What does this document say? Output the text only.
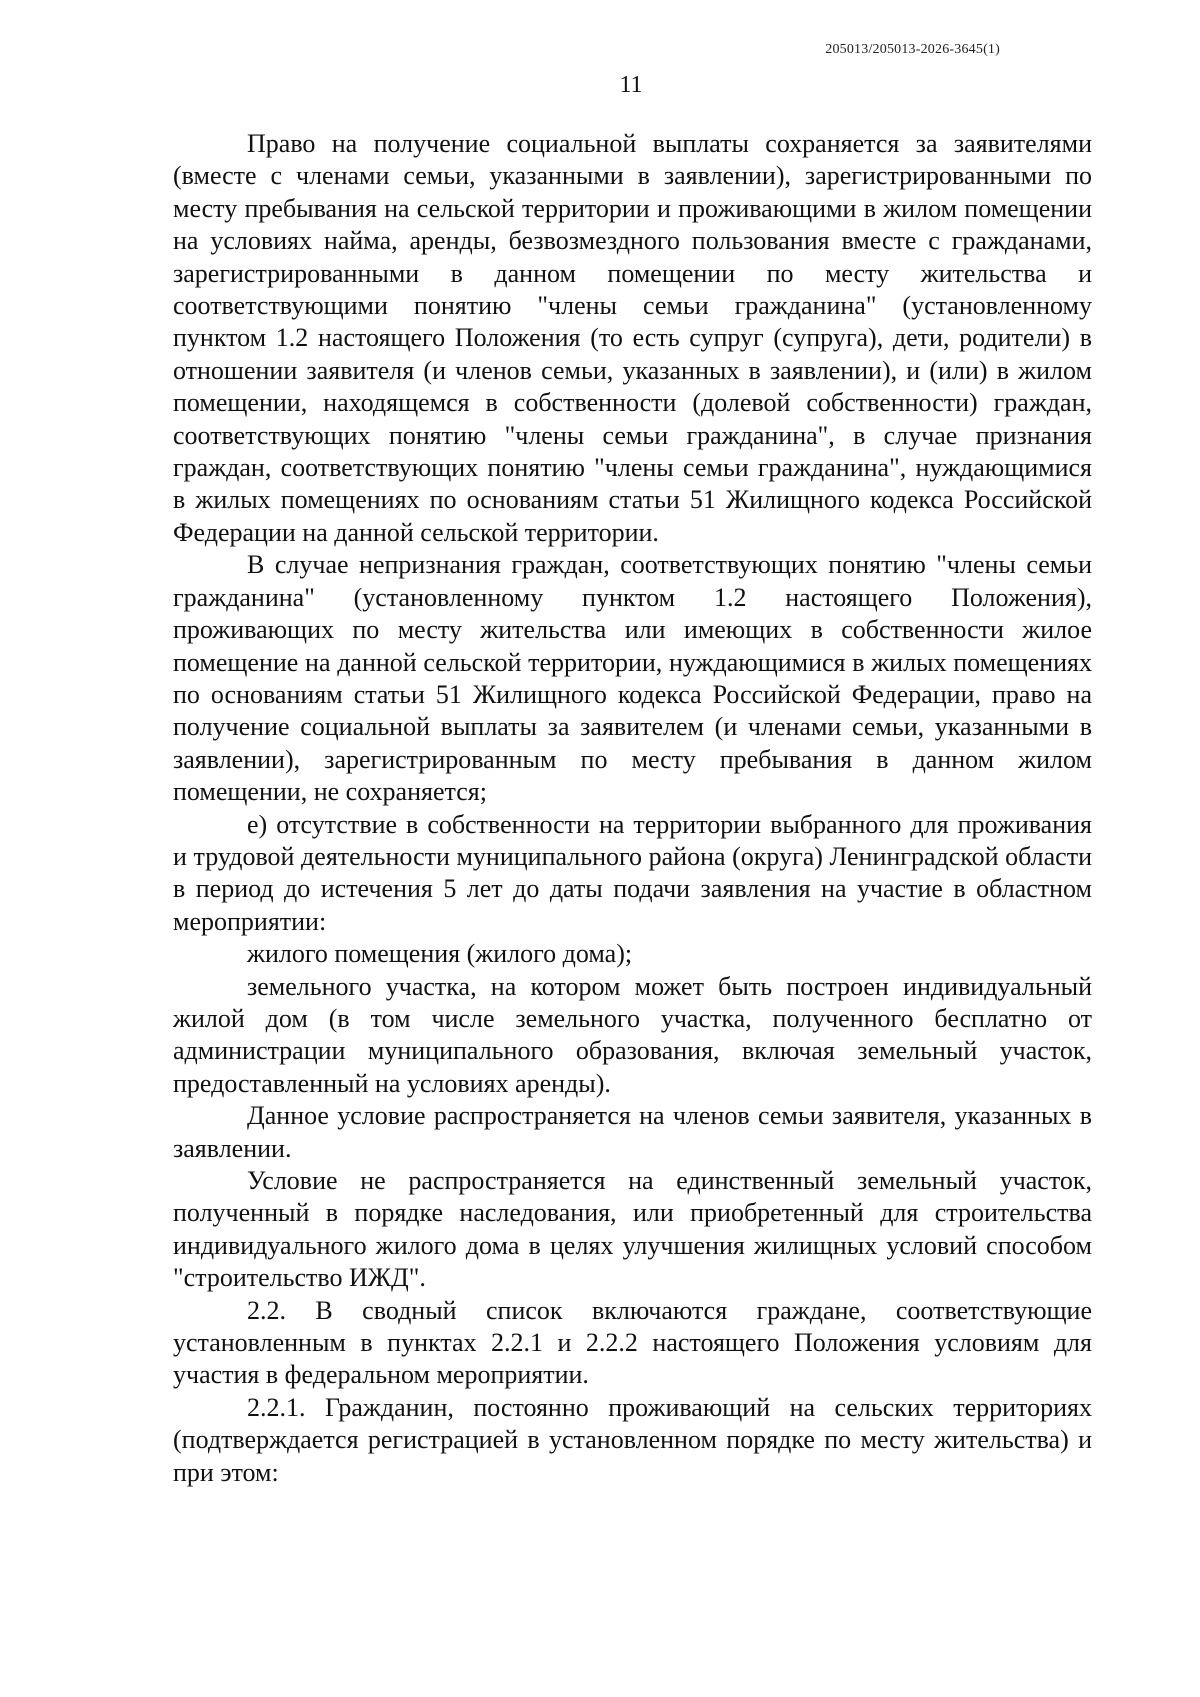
205013/205013-2026-3645(1)
11

Право на получение социальной выплаты сохраняется за заявителями (вместе с членами семьи, указанными в заявлении), зарегистрированными по месту пребывания на сельской территории и проживающими в жилом помещении на условиях найма, аренды, безвозмездного пользования вместе с гражданами, зарегистрированными в данном помещении по месту жительства и соответствующими понятию "члены семьи гражданина" (установленному пунктом 1.2 настоящего Положения (то есть супруг (супруга), дети, родители) в отношении заявителя (и членов семьи, указанных в заявлении), и (или) в жилом помещении, находящемся в собственности (долевой собственности) граждан, соответствующих понятию "члены семьи гражданина", в случае признания граждан, соответствующих понятию "члены семьи гражданина", нуждающимися в жилых помещениях по основаниям статьи 51 Жилищного кодекса Российской Федерации на данной сельской территории.

В случае непризнания граждан, соответствующих понятию "члены семьи гражданина" (установленному пунктом 1.2 настоящего Положения), проживающих по месту жительства или имеющих в собственности жилое помещение на данной сельской территории, нуждающимися в жилых помещениях по основаниям статьи 51 Жилищного кодекса Российской Федерации, право на получение социальной выплаты за заявителем (и членами семьи, указанными в заявлении), зарегистрированным по месту пребывания в данном жилом помещении, не сохраняется;

е) отсутствие в собственности на территории выбранного для проживания и трудовой деятельности муниципального района (округа) Ленинградской области в период до истечения 5 лет до даты подачи заявления на участие в областном мероприятии:

жилого помещения (жилого дома);

земельного участка, на котором может быть построен индивидуальный жилой дом (в том числе земельного участка, полученного бесплатно от администрации муниципального образования, включая земельный участок, предоставленный на условиях аренды).

Данное условие распространяется на членов семьи заявителя, указанных в заявлении.

Условие не распространяется на единственный земельный участок, полученный в порядке наследования, или приобретенный для строительства индивидуального жилого дома в целях улучшения жилищных условий способом "строительство ИЖД".

2.2. В сводный список включаются граждане, соответствующие установленным в пунктах 2.2.1 и 2.2.2 настоящего Положения условиям для участия в федеральном мероприятии.

2.2.1. Гражданин, постоянно проживающий на сельских территориях (подтверждается регистрацией в установленном порядке по месту жительства) и при этом:
